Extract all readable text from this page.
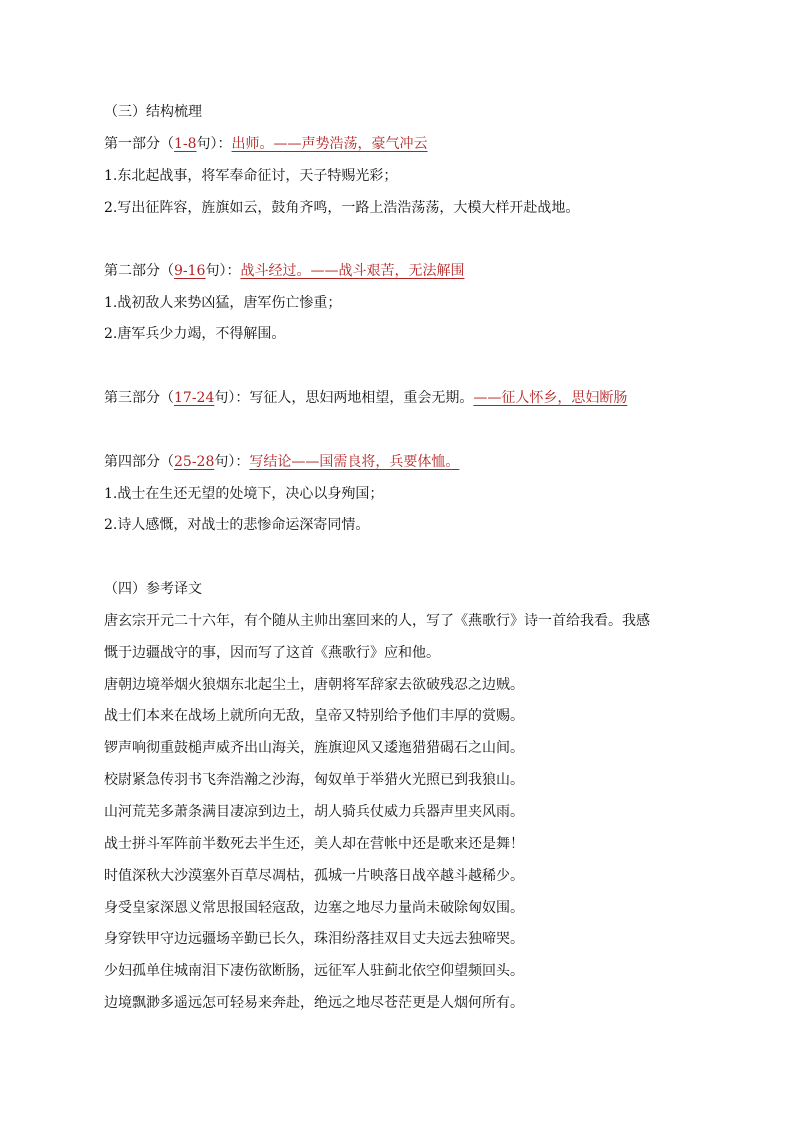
（三）结构梳理
第一部分（1-8句）：出师。——声势浩荡，豪气冲云
1.东北起战事，将军奉命征讨，天子特赐光彩；
2.写出征阵容，旌旗如云，鼓角齐鸣，一路上浩浩荡荡，大模大样开赴战地。
第二部分（9-16句）：战斗经过。——战斗艰苦，无法解围
1.战初敌人来势凶猛，唐军伤亡惨重；
2.唐军兵少力竭，不得解围。
第三部分（17-24句）：写征人，思妇两地相望，重会无期。——征人怀乡，思妇断肠
第四部分（25-28句）：写结论——国需良将，兵要体恤。
1.战士在生还无望的处境下，决心以身殉国；
2.诗人感慨，对战士的悲惨命运深寄同情。
（四）参考译文
唐玄宗开元二十六年，有个随从主帅出塞回来的人，写了《燕歌行》诗一首给我看。我感
慨于边疆战守的事，因而写了这首《燕歌行》应和他。
唐朝边境举烟火狼烟东北起尘土，唐朝将军辞家去欲破残忍之边贼。
战士们本来在战场上就所向无敌，皇帝又特别给予他们丰厚的赏赐。
锣声响彻重鼓槌声威齐出山海关，旌旗迎风又逶迤猎猎碣石之山间。
校尉紧急传羽书飞奔浩瀚之沙海，匈奴单于举猎火光照已到我狼山。
山河荒芜多萧条满目凄凉到边土，胡人骑兵仗威力兵器声里夹风雨。
战士拼斗军阵前半数死去半生还，美人却在营帐中还是歌来还是舞！
时值深秋大沙漠塞外百草尽凋枯，孤城一片映落日战卒越斗越稀少。
身受皇家深恩义常思报国轻寇敌，边塞之地尽力量尚未破除匈奴围。
身穿铁甲守边远疆场辛勤已长久，珠泪纷落挂双目丈夫远去独啼哭。
少妇孤单住城南泪下凄伤欲断肠，远征军人驻蓟北依空仰望频回头。
边境飘渺多遥远怎可轻易来奔赴，绝远之地尽苍茫更是人烟何所有。
